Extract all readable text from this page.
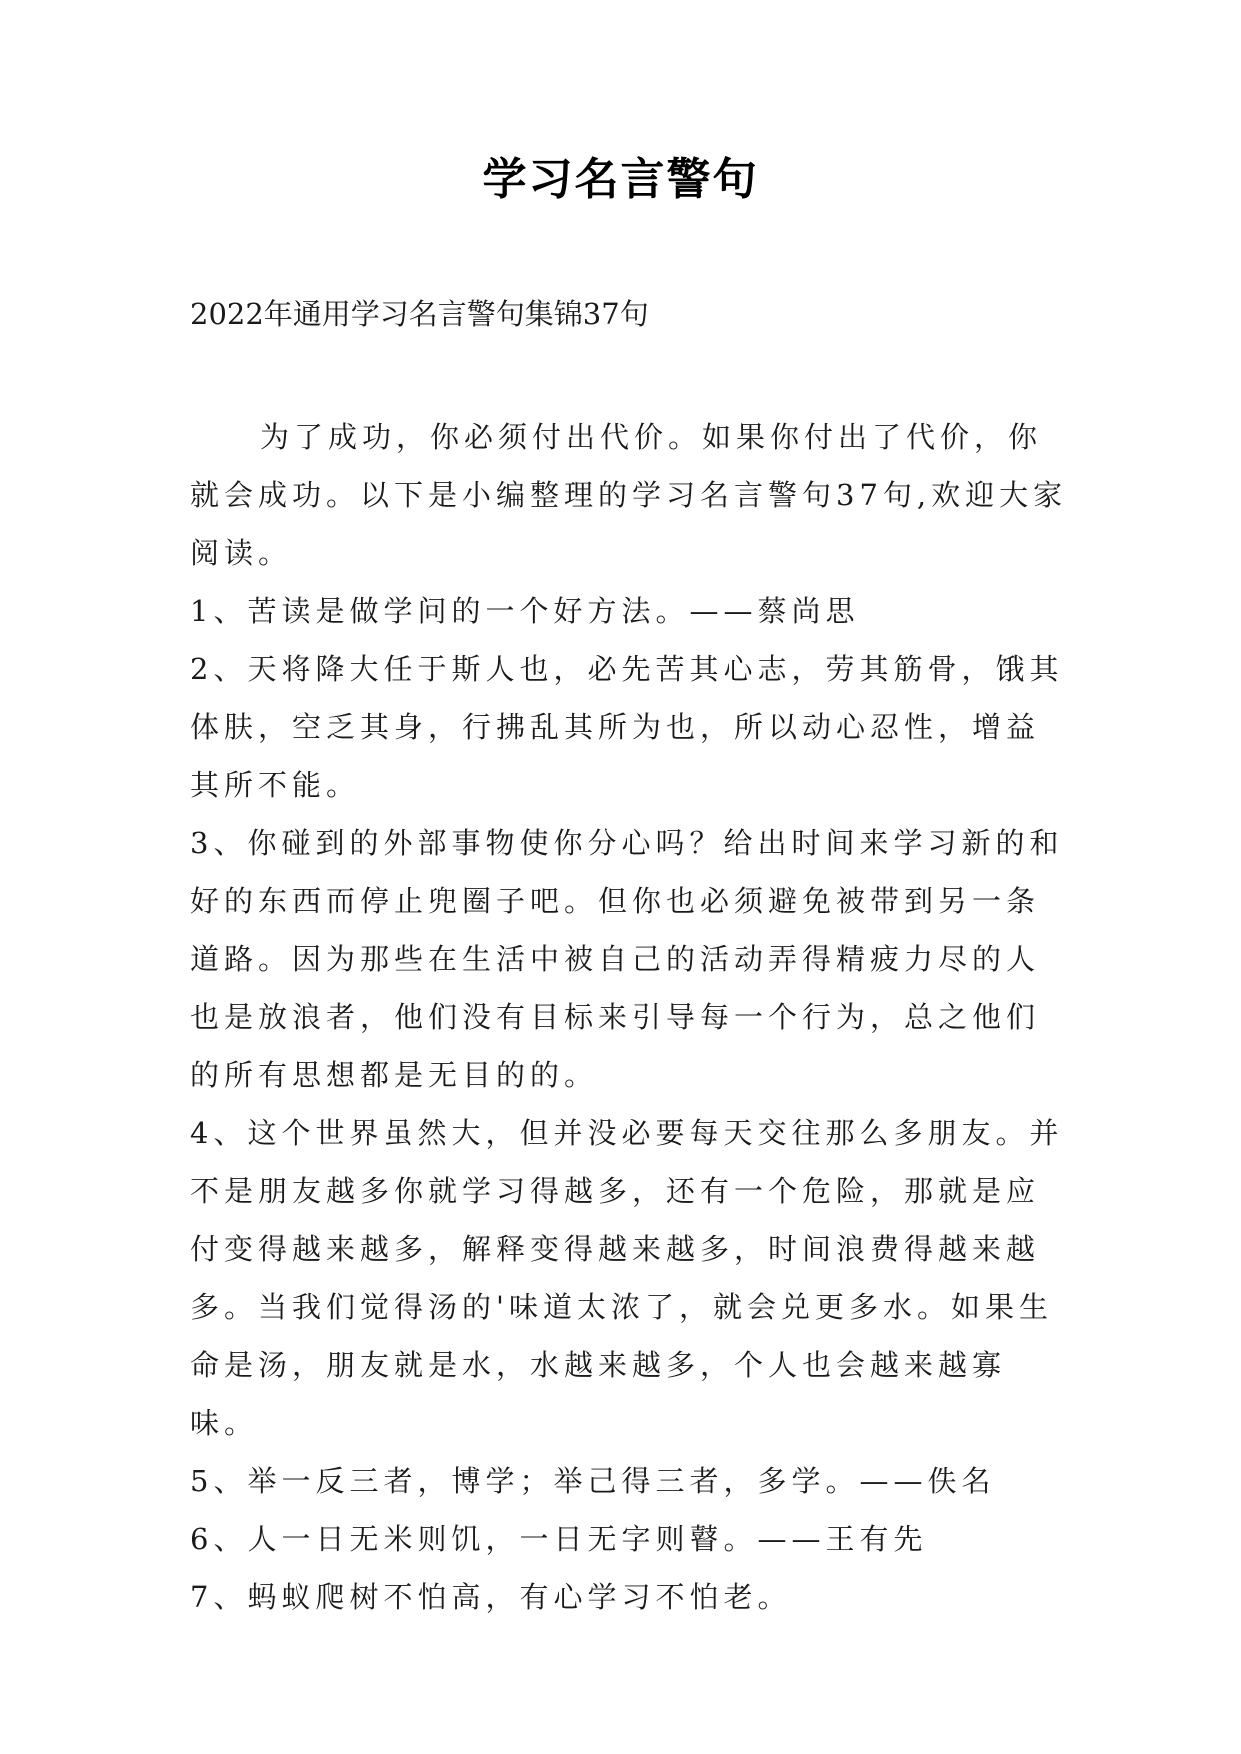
学习名言警句
2022年通用学习名言警句集锦37句

为了成功，你必须付出代价。如果你付出了代价，你就会成功。以下是小编整理的学习名言警句37句,欢迎大家阅读。

1、苦读是做学问的一个好方法。——蔡尚思

2、天将降大任于斯人也，必先苦其心志，劳其筋骨，饿其体肤，空乏其身，行拂乱其所为也，所以动心忍性，增益其所不能。

3、你碰到的外部事物使你分心吗？给出时间来学习新的和好的东西而停止兜圈子吧。但你也必须避免被带到另一条道路。因为那些在生活中被自己的活动弄得精疲力尽的人也是放浪者，他们没有目标来引导每一个行为，总之他们的所有思想都是无目的的。

4、这个世界虽然大，但并没必要每天交往那么多朋友。并不是朋友越多你就学习得越多，还有一个危险，那就是应付变得越来越多，解释变得越来越多，时间浪费得越来越多。当我们觉得汤的'味道太浓了，就会兑更多水。如果生命是汤，朋友就是水，水越来越多，个人也会越来越寡味。

5、举一反三者，博学；举己得三者，多学。——佚名

6、人一日无米则饥，一日无字则瞽。——王有先

7、蚂蚁爬树不怕高，有心学习不怕老。
